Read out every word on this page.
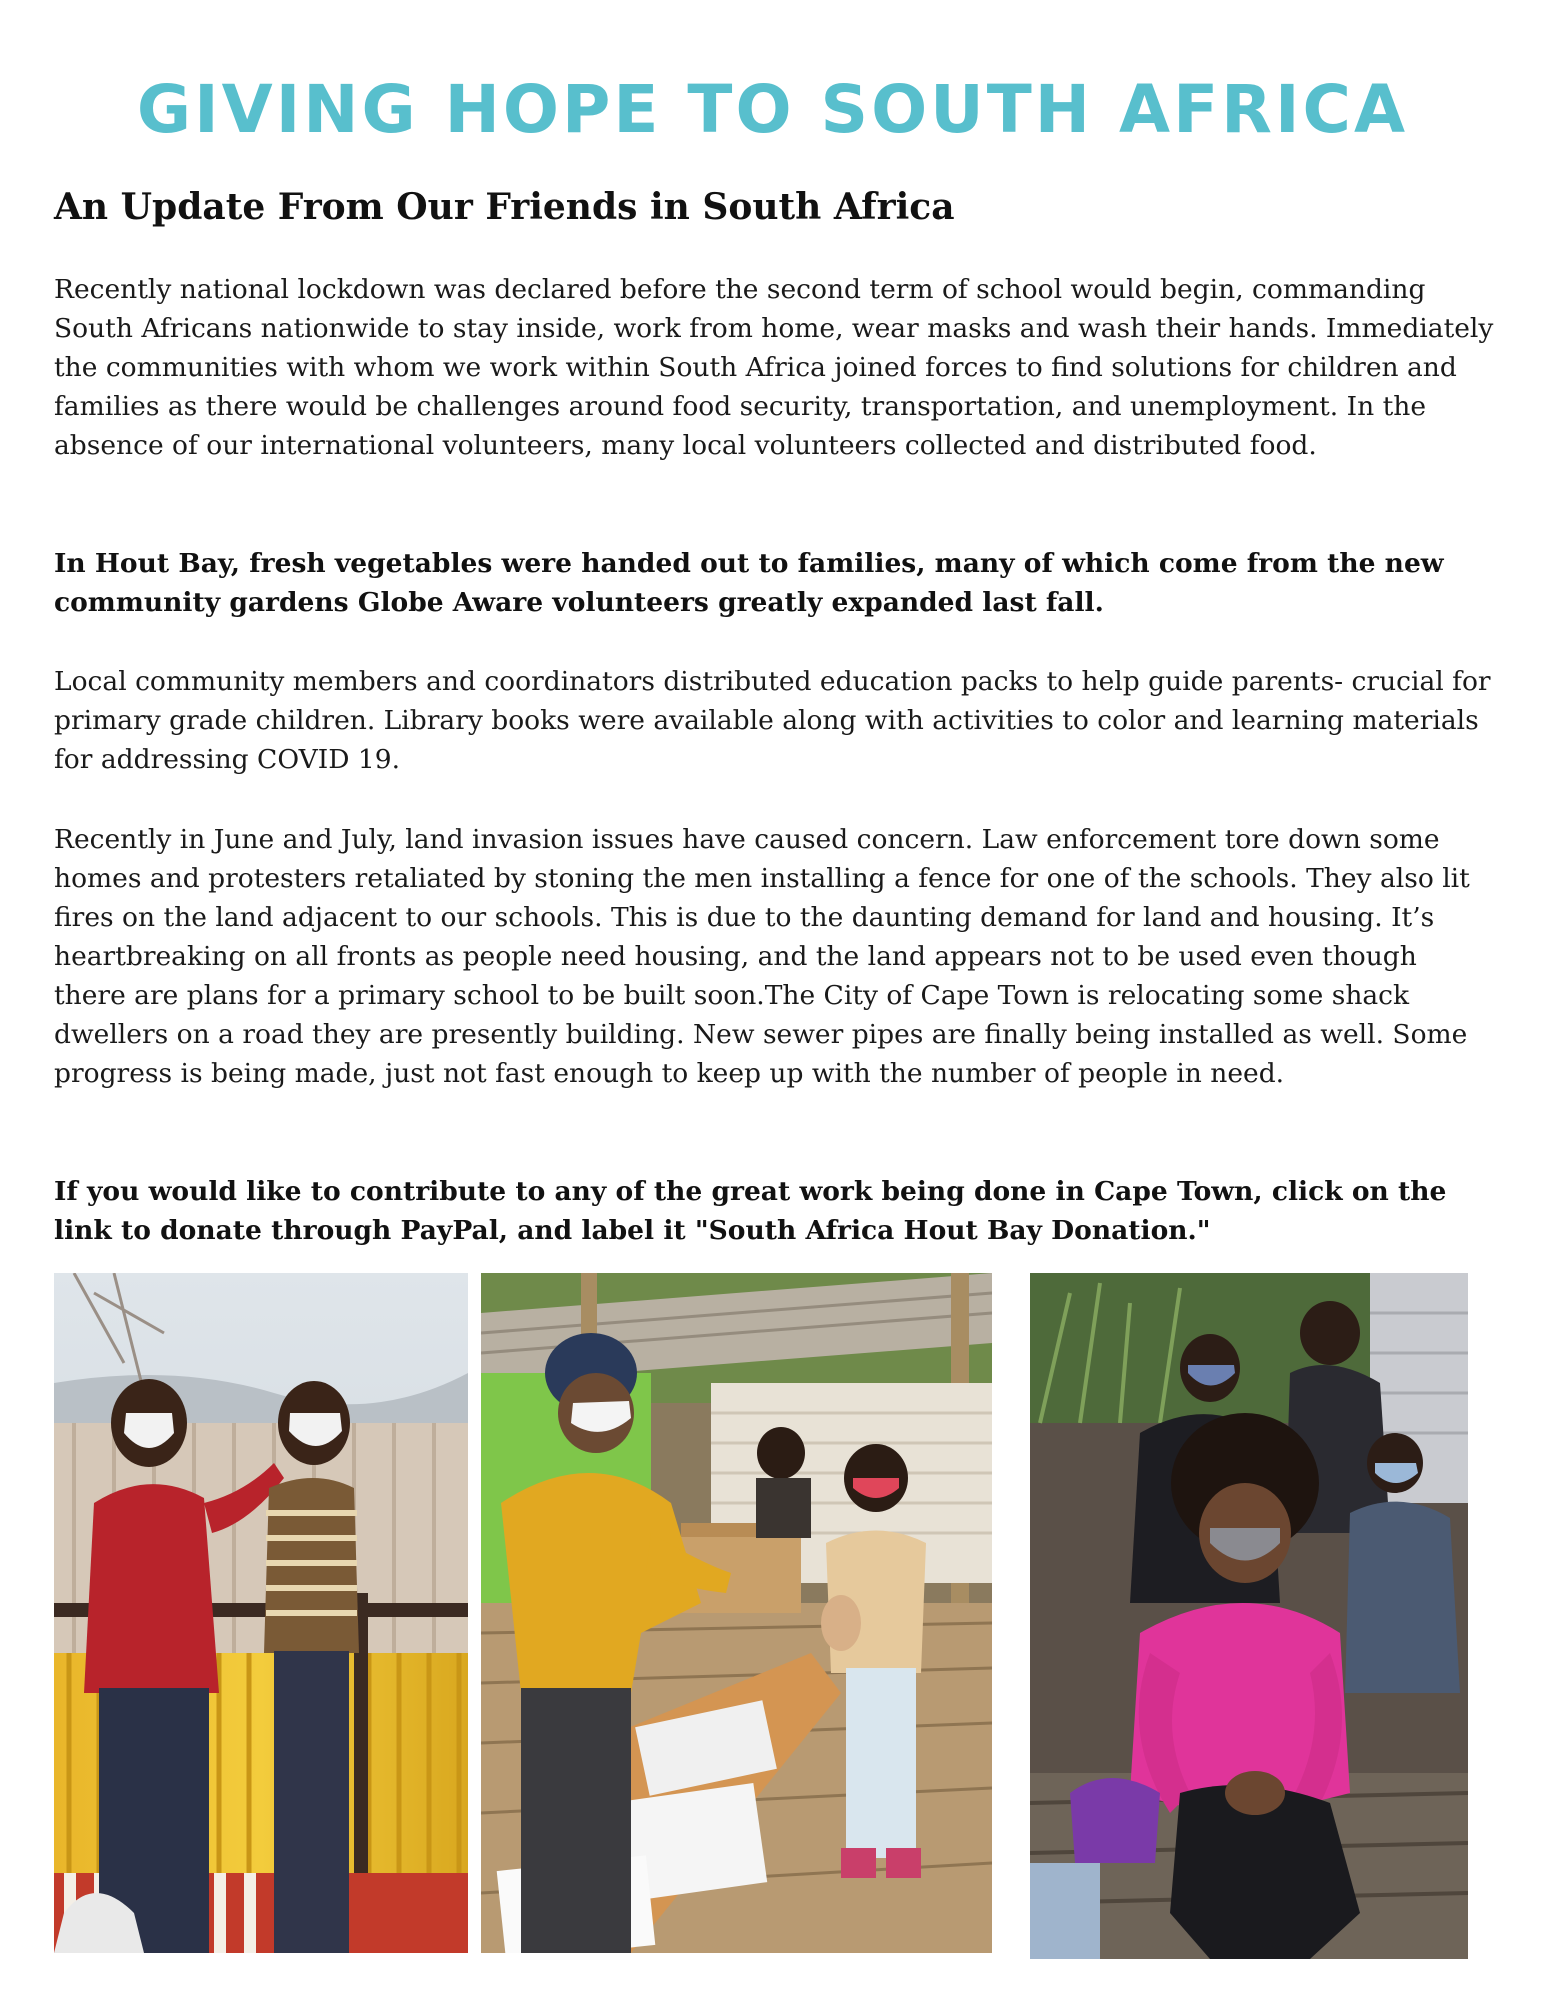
GIVING HOPE TO SOUTH AFRICA
An Update From Our Friends in South Africa

Recently national lockdown was declared before the second term of school would begin, commanding South Africans nationwide to stay inside, work from home, wear masks and wash their hands. Immediately the communities with whom we work within South Africa joined forces to find solutions for children and families as there would be challenges around food security, transportation, and unemployment. In the absence of our international volunteers, many local volunteers collected and distributed food.

In Hout Bay, fresh vegetables were handed out to families, many of which come from the new community gardens Globe Aware volunteers greatly expanded last fall.

Local community members and coordinators distributed education packs to help guide parents- crucial for primary grade children. Library books were available along with activities to color and learning materials for addressing COVID 19.

Recently in June and July, land invasion issues have caused concern. Law enforcement tore down some homes and protesters retaliated by stoning the men installing a fence for one of the schools. They also lit fires on the land adjacent to our schools. This is due to the daunting demand for land and housing. It’s heartbreaking on all fronts as people need housing, and the land appears not to be used even though there are plans for a primary school to be built soon.The City of Cape Town is relocating some shack dwellers on a road they are presently building. New sewer pipes are finally being installed as well. Some progress is being made, just not fast enough to keep up with the number of people in need.

If you would like to contribute to any of the great work being done in Cape Town, click on the link to donate through PayPal, and label it "South Africa Hout Bay Donation."
